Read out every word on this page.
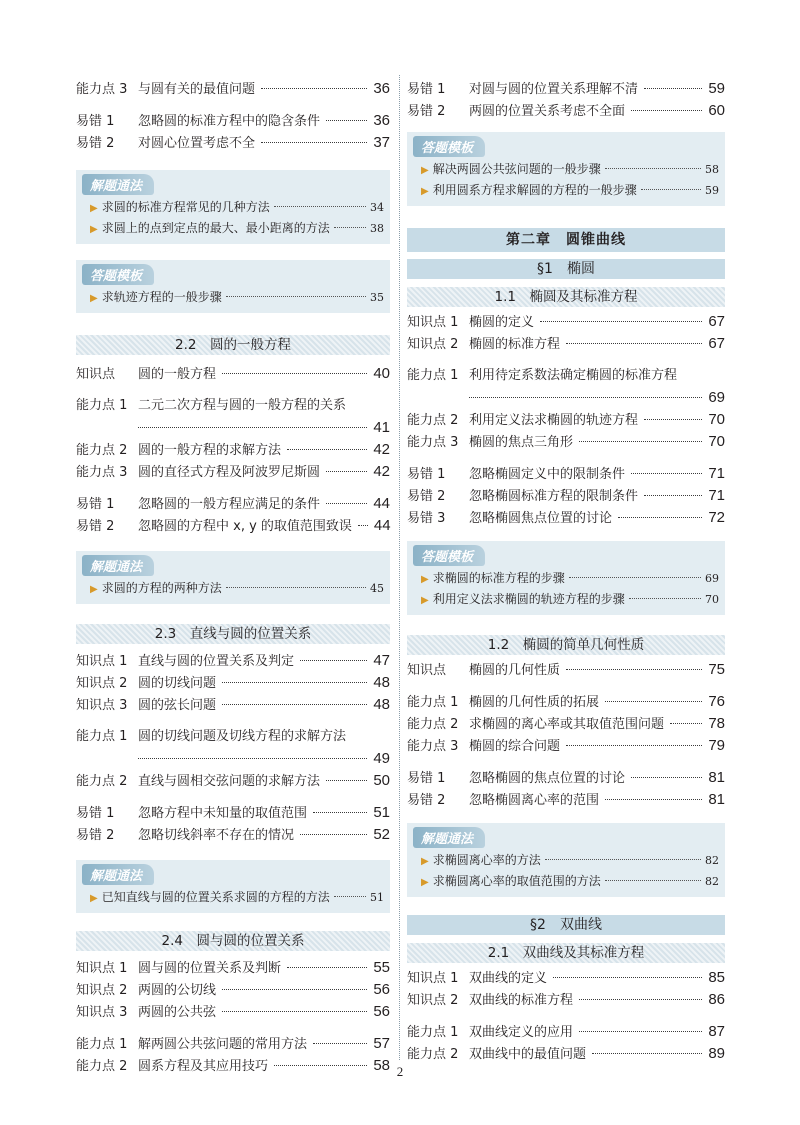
能力点 3 与圆有关的最值问题	36
易错 1	忽略圆的标准方程中的隐含条件	36
易错 2	对圆心位置考虑不全	37
解题通法
▶ 求圆的标准方程常见的几种方法	34
▶ 求圆上的点到定点的最大、最小距离的方法	38
答题模板
▶ 求轨迹方程的一般步骤	35
2.2　圆的一般方程
知识点	圆的一般方程	40
能力点 1 二元二次方程与圆的一般方程的关系
41
能力点 2 圆的一般方程的求解方法	42
能力点 3 圆的直径式方程及阿波罗尼斯圆	42
易错 1	忽略圆的一般方程应满足的条件	44
易错 2	忽略圆的方程中 x, y 的取值范围致误 44
解题通法
▶ 求圆的方程的两种方法	45
2.3　直线与圆的位置关系
知识点 1 直线与圆的位置关系及判定	47
知识点 2 圆的切线问题	48
知识点 3 圆的弦长问题	48
能力点 1 圆的切线问题及切线方程的求解方法
49
能力点 2 直线与圆相交弦问题的求解方法	50
易错 1	忽略方程中未知量的取值范围	51
易错 2	忽略切线斜率不存在的情况	52
解题通法
▶ 已知直线与圆的位置关系求圆的方程的方法	51
2.4　圆与圆的位置关系
知识点 1 圆与圆的位置关系及判断	55
知识点 2 两圆的公切线	56
知识点 3 两圆的公共弦	56
能力点 1 解两圆公共弦问题的常用方法	57
能力点 2 圆系方程及其应用技巧	58
易错 1	对圆与圆的位置关系理解不清	59
易错 2	两圆的位置关系考虑不全面	60
答题模板
▶ 解决两圆公共弦问题的一般步骤	58
▶ 利用圆系方程求解圆的方程的一般步骤	59
第二章　圆锥曲线
§1　椭圆
1.1　椭圆及其标准方程
知识点 1 椭圆的定义	67
知识点 2 椭圆的标准方程	67
能力点 1 利用待定系数法确定椭圆的标准方程
69
能力点 2 利用定义法求椭圆的轨迹方程	70
能力点 3 椭圆的焦点三角形	70
易错 1	忽略椭圆定义中的限制条件	71
易错 2	忽略椭圆标准方程的限制条件	71
易错 3	忽略椭圆焦点位置的讨论	72
答题模板
▶ 求椭圆的标准方程的步骤	69
▶ 利用定义法求椭圆的轨迹方程的步骤	70
1.2　椭圆的简单几何性质
知识点	椭圆的几何性质	75
能力点 1 椭圆的几何性质的拓展	76
能力点 2 求椭圆的离心率或其取值范围问题	78
能力点 3 椭圆的综合问题	79
易错 1	忽略椭圆的焦点位置的讨论	81
易错 2	忽略椭圆离心率的范围	81
解题通法
▶ 求椭圆离心率的方法	82
▶ 求椭圆离心率的取值范围的方法	82
§2　双曲线
2.1　双曲线及其标准方程
知识点 1 双曲线的定义	85
知识点 2 双曲线的标准方程	86
能力点 1 双曲线定义的应用	87
能力点 2 双曲线中的最值问题	89
2
